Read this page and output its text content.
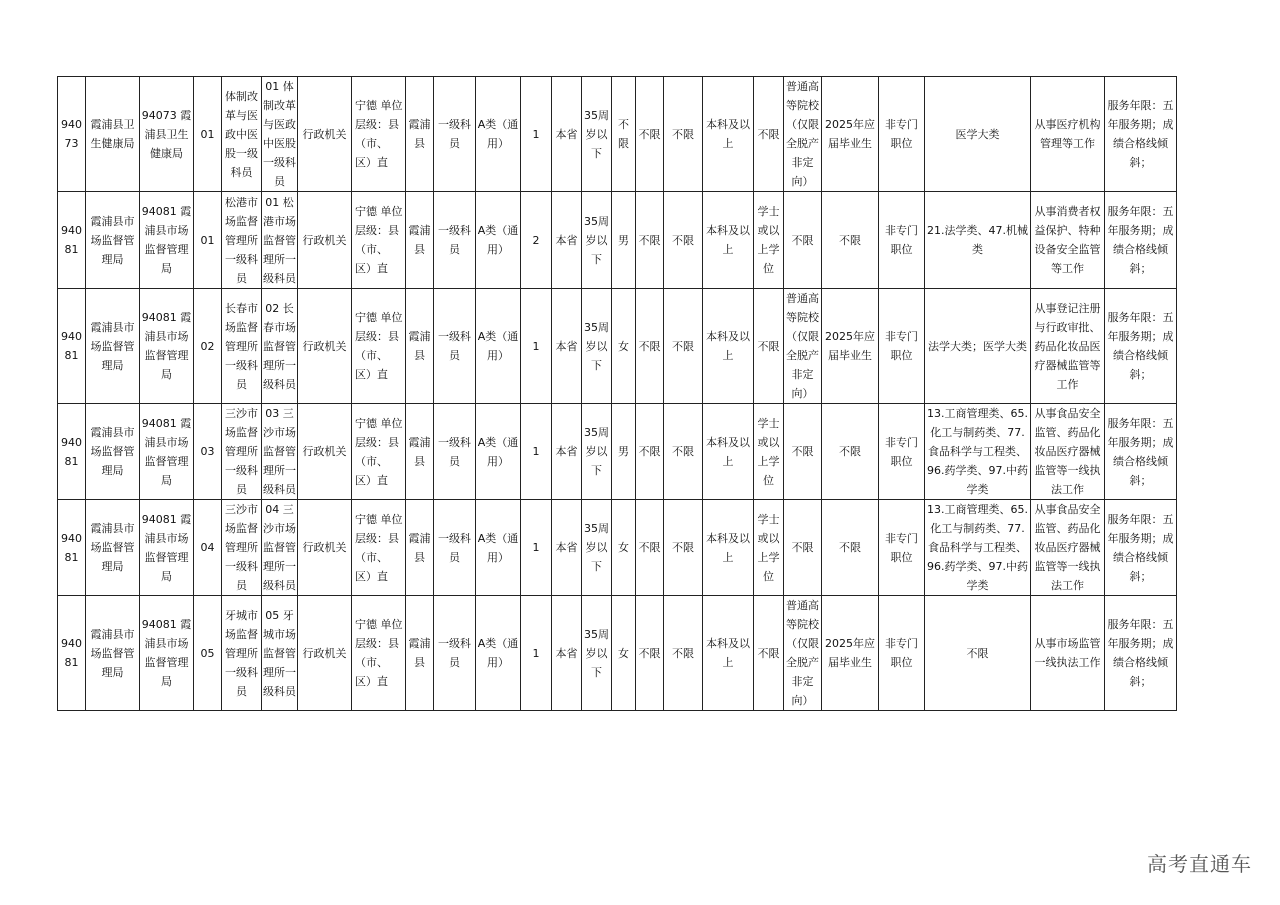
94073	霞浦县卫生健康局	94073 霞浦县卫生健康局	01	体制改革与医政中医股一级科员	01 体制改革与医政中医股一级科员	行政机关	宁德 单位层级：县（市、区）直	霞浦县	一级科员	A类（通用）	1	本省	35周岁以下	不限	不限	不限	本科及以上	不限	普通高等院校（仅限全脱产非定向）	2025年应届毕业生	非专门职位	医学大类	从事医疗机构管理等工作	服务年限：五年服务期；成绩合格线倾斜；
94081	霞浦县市场监督管理局	94081 霞浦县市场监督管理局	01	松港市场监督管理所一级科员	01 松港市场监督管理所一级科员	行政机关	宁德 单位层级：县（市、区）直	霞浦县	一级科员	A类（通用）	2	本省	35周岁以下	男	不限	不限	本科及以上	学士或以上学位	不限	不限	非专门职位	21.法学类、47.机械类	从事消费者权益保护、特种设备安全监管等工作	服务年限：五年服务期；成绩合格线倾斜；
94081	霞浦县市场监督管理局	94081 霞浦县市场监督管理局	02	长春市场监督管理所一级科员	02 长春市场监督管理所一级科员	行政机关	宁德 单位层级：县（市、区）直	霞浦县	一级科员	A类（通用）	1	本省	35周岁以下	女	不限	不限	本科及以上	不限	普通高等院校（仅限全脱产非定向）	2025年应届毕业生	非专门职位	法学大类；医学大类	从事登记注册与行政审批、药品化妆品医疗器械监管等工作	服务年限：五年服务期；成绩合格线倾斜；
94081	霞浦县市场监督管理局	94081 霞浦县市场监督管理局	03	三沙市场监督管理所一级科员	03 三沙市场监督管理所一级科员	行政机关	宁德 单位层级：县（市、区）直	霞浦县	一级科员	A类（通用）	1	本省	35周岁以下	男	不限	不限	本科及以上	学士或以上学位	不限	不限	非专门职位	13.工商管理类、65.化工与制药类、77.食品科学与工程类、96.药学类、97.中药学类	从事食品安全监管、药品化妆品医疗器械监管等一线执法工作	服务年限：五年服务期；成绩合格线倾斜；
94081	霞浦县市场监督管理局	94081 霞浦县市场监督管理局	04	三沙市场监督管理所一级科员	04 三沙市场监督管理所一级科员	行政机关	宁德 单位层级：县（市、区）直	霞浦县	一级科员	A类（通用）	1	本省	35周岁以下	女	不限	不限	本科及以上	学士或以上学位	不限	不限	非专门职位	13.工商管理类、65.化工与制药类、77.食品科学与工程类、96.药学类、97.中药学类	从事食品安全监管、药品化妆品医疗器械监管等一线执法工作	服务年限：五年服务期；成绩合格线倾斜；
94081	霞浦县市场监督管理局	94081 霞浦县市场监督管理局	05	牙城市场监督管理所一级科员	05 牙城市场监督管理所一级科员	行政机关	宁德 单位层级：县（市、区）直	霞浦县	一级科员	A类（通用）	1	本省	35周岁以下	女	不限	不限	本科及以上	不限	普通高等院校（仅限全脱产非定向）	2025年应届毕业生	非专门职位	不限	从事市场监管一线执法工作	服务年限：五年服务期；成绩合格线倾斜；
高考直通车
